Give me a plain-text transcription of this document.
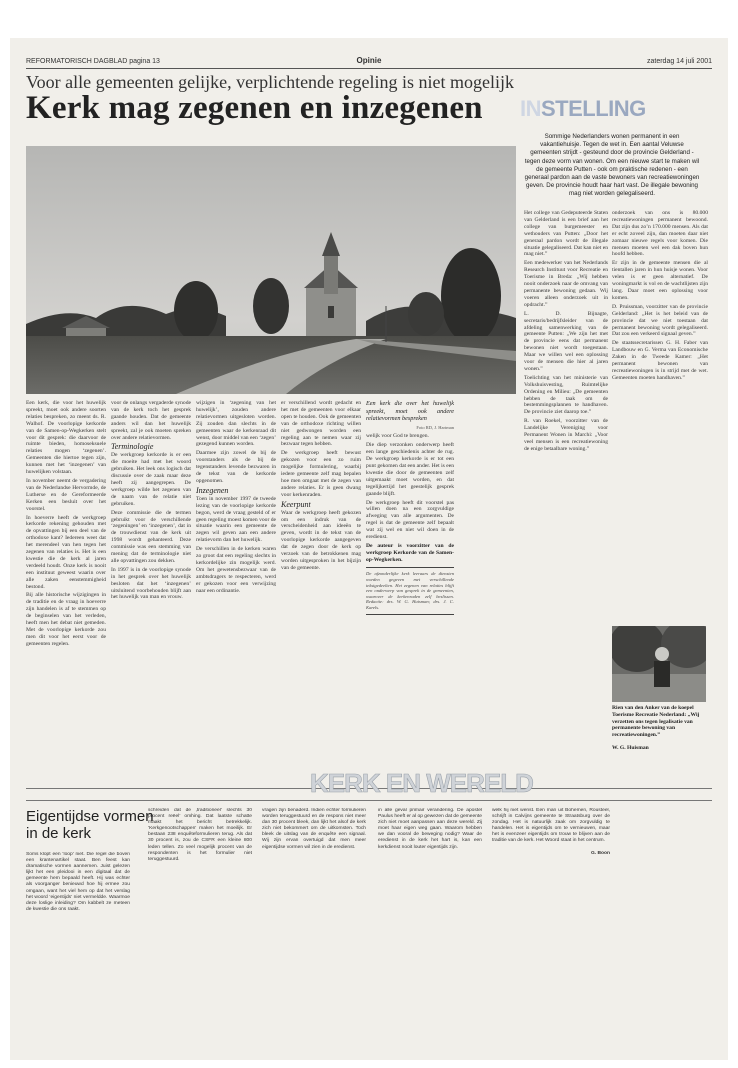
REFORMATORISCH DAGBLAD pagina 13	Opinie	zaterdag 14 juli 2001
Voor alle gemeenten gelijke, verplichtende regeling is niet mogelijk
Kerk mag zegenen en inzegenen INSTELLING
Sommige Nederlanders wonen permanent in een vakantiehuisje. Tegen de wet in. Een aantal Veluwse gemeenten strijdt - gesteund door de provincie Gelderland - tegen deze vorm van wonen. Om een nieuwe start te maken wil de gemeente Putten - ook om praktische redenen - een generaal pardon aan de vaste bewoners van recreatiewoningen geven. De provincie houdt haar hart vast. De illegale bewoning mag niet worden gelegaliseerd.

Een kerk, die voor het huwelijk spreekt, moet ook andere soorten relaties bespreken, zo meent ds. R. Walhof. De voorlopige kerkorde van de Samen-op-Wegkerken stelt voor dit gesprek: die daarvoor de ruimte bieden, homoseksuele relaties mogen ‘zegenen’. Gemeenten die hiertoe tegen zijn, kunnen met het ‘inzegenen’ van huwelijken volstaan.

In november neemt de vergadering van de Nederlandse Hervormde, de Lutherse en de Gereformeerde Kerken een besluit over het voorstel.

In hoeverre heeft de werkgroep kerkorde rekening gehouden met de opvattingen bij een deel van de orthodoxe kant? Iedereen weet dat het merendeel van hen tegen het zegenen van relaties is. Het is een kwestie die de kerk al jaren verdeeld houdt. Onze kerk is nooit een instituut geweest waarin over alle zaken eenstemmigheid bestond.

Bij alle historische wijzigingen in de traditie en de vraag in hoeverre zijn handelen is af te stemmen op de beginselen van het verleden, heeft men het debat niet gemeden. Met de voorlopige kerkorde zou men dit voor het eerst voor de gemeenten regelen.

voor de onlangs vergaderde synode van de kerk toch het gesprek gaande houden. Dat de gemeente anders wil dan het huwelijk spreekt, zal je ook moeten spreken over andere relatievormen.

Terminologie

De werkgroep kerkorde is er een die moeite had met het woord gebruiken. Het leek ons logisch dat discussie over de zaak maar deze heeft zij aangegrepen. De werkgroep wilde het zegenen van de naam van de relatie niet gebruiken.

Deze commissie die de termen gebruikt voor de verschillende ‘zegeningen’ en ‘inzegenen’, dat in de trouwdienst van de kerk uit 1998 wordt gehanteerd. Deze commissie was een stemming van mening dat de terminologie niet alle opvattingen zou dekken.

In 1997 is in de voorlopige synode in het gesprek over het huwelijk besloten dat het ‘inzegenen’ uitsluitend voorbehouden blijft aan het huwelijk van man en vrouw.

wijzigen in ‘zegening van het huwelijk’, zouden andere relatievormen uitgesloten worden. Zij zouden dan slechts in de gemeenten waar de kerkenraad dit wenst, door middel van een ‘zegen’ gezegend kunnen worden.

Daarmee zijn zowel de bij de voorstanders als de bij de tegenstanders levende bezwaren in de tekst van de kerkorde opgenomen.

Inzegenen

Toen in november 1997 de tweede lezing van de voorlopige kerkorde begon, werd de vraag gesteld of er geen regeling moest komen voor de situatie waarin een gemeente de zegen wil geven aan een andere relatievorm dan het huwelijk.

De verschillen in de kerken waren zo groot dat een regeling slechts in kerkordelijke zin mogelijk werd. Om het gewetensbezwaar van de ambtsdragers te respecteren, werd er gekozen voor een verwijzing naar een ordinantie.

er verschillend wordt gedacht en het met de gemeenten voor elkaar open te houden. Ook de gemeenten van de orthodoxe richting willen niet gedwongen worden een regeling aan te nemen waar zij bezwaar tegen hebben.

De werkgroep heeft bewust gekozen voor een zo ruim mogelijke formulering, waarbij iedere gemeente zelf mag bepalen hoe men omgaat met de zegen van andere relaties. Er is geen dwang voor kerkenraden.

Keerpunt

Waar de werkgroep heeft gekozen om een indruk van de verscheidenheid aan ideeën te geven, wordt in de tekst van de voorlopige kerkorde aangegeven dat de zegen door de kerk op verzoek van de betrokkenen mag worden uitgesproken in het bijzijn van de gemeente.

Een kerk die over het huwelijk spreekt, moet ook andere relatievormen bespreken

Foto RD, J. Hartman

welijk voor God te brengen.

Die diep verzonken onderwerp heeft een lange geschiedenis achter de rug. De werkgroep kerkorde is er tot een punt gekomen dat een ander. Het is een kwestie die door de gemeenten zelf uitgemaakt moet worden, en dat tegelijkertijd het geestelijk gesprek gaande blijft.

De werkgroep heeft dit voorstel pas willen doen na een zorgvuldige afweging van alle argumenten. De regel is dat de gemeente zelf bepaalt wat zij wel en niet wil doen in de eredienst.

De auteur is voorzitter van de werkgroep Kerkorde van de Samen-op-Wegkerken.

De afzonderlijke kerk leeraars de diensten worden gegeven met verschillende tekstgedeelten. Het zegenen van relaties blijft een onderwerp van gesprek in de gemeenten, waarover de kerkenraden zelf beslissen. Redactie: drs. W. G. Huisman; drs. J. C. Karels.

Het college van Gedeputeerde Staten van Gelderland is een brief aan het college van burgemeester en wethouders van Putten: „Door het generaal pardon wordt de illegale situatie gelegaliseerd. Dat kan niet en mag niet.”

Een medewerker van het Nederlands Research Instituut voor Recreatie en Toerisme in Breda: „Wij hebben nooit onderzoek naar de omvang van permanente bewoning gedaan. Wij voeren alleen onderzoek uit in opdracht.”

L. D. Bijnagte, secretaris/bedrijfsleider van de afdeling samenwerking van de gemeente Putten: „We zijn het met de provincie eens dat permanent bewonen niet wordt toegestaan. Maar we willen wel een oplossing voor de mensen die hier al jaren wonen.”

Toelichting van het ministerie van Volkshuisvesting, Ruimtelijke Ordening en Milieu: „De gemeenten hebben de taak om de bestemmingsplannen te handhaven. De provincie ziet daarop toe.”

R. van Roekel, voorzitter van de Landelijke Vereniging voor Permanent Wonen in Marchi: „Voor veel mensen is een recreatiewoning de enige betaalbare woning.”

onderzoek van ons is 80.000 recreatiewoningen permanent bewoond. Dat zijn dus zo’n 170.000 mensen. Als dat er echt zoveel zijn, dan moeten daar niet zomaar nieuwe regels voor komen. Die mensen moeten wel een dak boven hun hoofd hebben.

Er zijn in de gemeente mensen die al tientallen jaren in hun huisje wonen. Voor velen is er geen alternatief. De woningmarkt is vol en de wachtlijsten zijn lang. Daar moet een oplossing voor komen.

D. Pruissman, voorzitter van de provincie Gelderland: „Het is het beleid van de provincie dat we niet toestaan dat permanent bewoning wordt gelegaliseerd. Dat zou een verkeerd signaal geven.”

De staatssecretarissen G. H. Faber van Landbouw en G. Verma van Economische Zaken in de Tweede Kamer: „Het permanent bewonen van recreatiewoningen is in strijd met de wet. Gemeenten moeten handhaven.”

Rien van den Anker van de koepel Toerisme Recreatie Nederland: „Wij verzetten ons tegen legalisatie van permanente bewoning van recreatiewoningen.”
W. G. Huisman
KERK EN WERELD
Eigentijdse vormen in de kerk

Soms klopt een ‘loop’ niet. Die regel die boven een krantenartikel staat. Ben feest kan dramatische vormen aannemen. Juist gelezen lijkt het een pleidooi in een digitaal dat de gemeente hem bepaald heeft. Hij was echter als voorganger benieuwd hoe hij ermee zou omgaan, want het viel hem op dat het verslag het woord ‘eigentijds’ niet vermeldde. Waarmoe deze loslige inleiding? Om kabbelt ze meteen de kwestie die ons raakt.

schreiden dat de ‚traditioneel’ slechts 30 procent reëel’ omhing. Dat laatste schatte maakt het bericht betrekkelijk. ‘Kerkgenootschappen’ maken het moeilijk. Er bestaan 238 enquêteformulieren terug. Als dat 30 procent is, zou de CSFR een kleine 800 leden tellen. Zo veel mogelijk procent van de respondenten is het formulier niet teruggestuurd.

vragen zijn benaderd. Indien echter formulieren worden teruggestuurd en de respons niet meer dan 30 procent bleek, dan lijkt het alsof de kerk zich niet bekommert om de uitkomsten. Toch bleek de uitslag van de enquête een signaal. Wij zijn ervan overtuigd dat men meer eigentijdse vormen wil zien in de eredienst.

in alle geval primair verandering. De apostel Paulus heeft er al op gewezen dat de gemeente zich niet moet aanpassen aan deze wereld. Zij moet haar eigen weg gaan. Waarom hebben we dan vooral de beweging nodig? Waar de eredienst in de kerk het hart is, kan een kerkdienst nooit louter eigentijds zijn.

welk hij niet wenst. Een man uit Bohemen, Rousteel, schrijft in Calvijns gemeente te Straatsburg over de zondag. Het is natuurlijk zaak om zorgvuldig te handelen. Het is eigentijds om te vernieuwen, maar het is evenzeer eigentijds om trouw te blijven aan de traditie van de kerk. Het Woord staat in het centrum.

G. Boon
